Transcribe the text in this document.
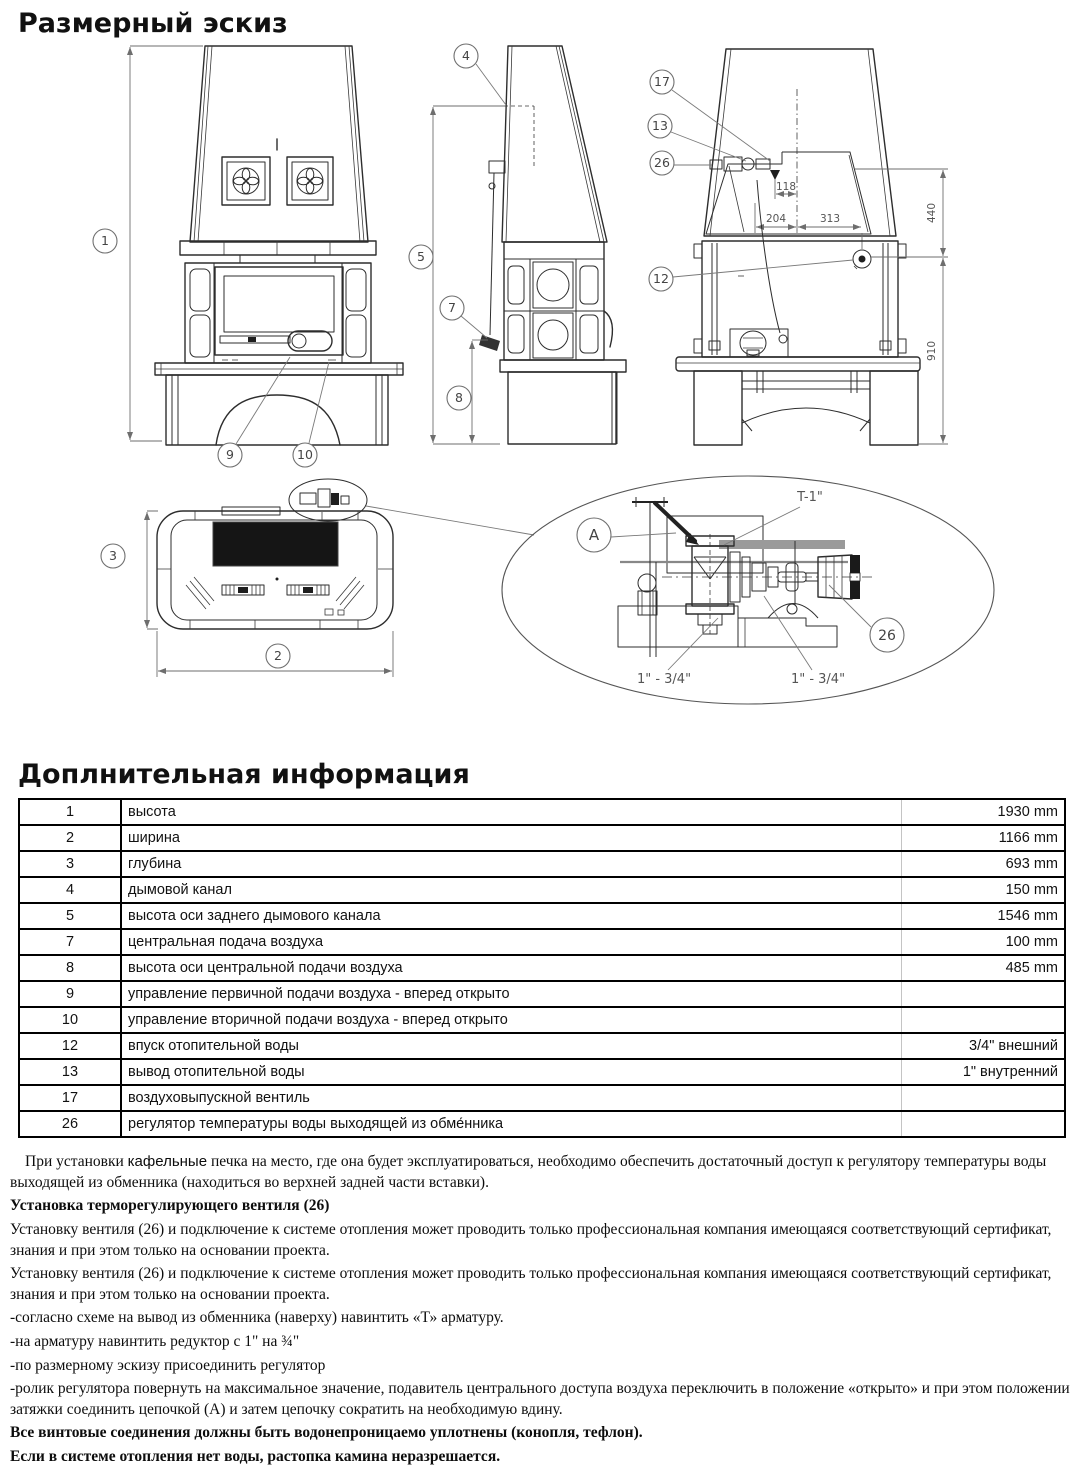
Размерный эскиз
1
9	10
5
8
4
7
118
204	313
17
13
26
12
440
910
3
2
A
T-1"
26
1" - 3/4"	1" - 3/4"
Доплнительная информация
1	высота	1930 mm
2	ширина	1166 mm
3	глубина	693 mm
4	дымовой канал	150 mm
5	высота оси заднего дымового канала	1546 mm
7	центральная подача воздуха	100 mm
8	высота оси центральной подачи воздуха	485 mm
9	управление первичной подачи воздуха - вперед открыто	
10	управление вторичной подачи воздуха - вперед открыто	
12	впуск отопительной воды	3/4" внешний
13	вывод отопительной воды	1" внутренний
17	воздуховыпускной вентиль	
26	регулятор температуры воды выходящей из обме́нника	

При установки кафельные печка на место, где она будет эксплуатироваться, необходимо обеспечить достаточный доступ к регулятору температуры воды выходящей из обменника (находиться во верхней задней части вставки).

Установка терморегулирующего вентиля (26)

Установку вентиля (26) и подключение к системе отопления может проводить только профессиональная компания имеющаяся соответствующий сертификат, знания и при этом только на основании проекта.

Установку вентиля (26) и подключение к системе отопления может проводить только профессиональная компания имеющаяся соответствующий сертификат, знания и при этом только на основании проекта.

-согласно схеме на вывод из обменника (наверху) навинтить «Т» арматуру.

-на арматуру навинтить редуктор с 1" на ¾"

-по размерному эскизу присоединить регулятор

-ролик регулятора повернуть на максимальное значение, подавитель центрального доступа воздуха переключить в положение «открыто» и при этом положении затяжки соединить цепочкой (А) и затем цепочку сократить на необходимую вдину.

Все винтовые соединения должны быть водонепроницаемо уплотнены (конопля, тефлон).

Если в системе отопления нет воды, растопка камина неразрешается.
